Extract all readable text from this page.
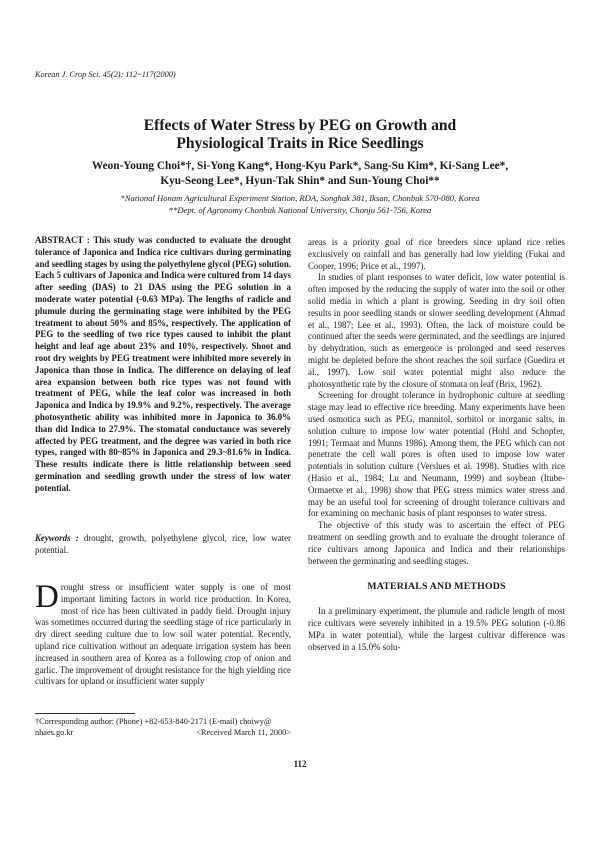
Korean J. Crop Sci. 45(2): 112~117(2000)
Effects of Water Stress by PEG on Growth and
Physiological Traits in Rice Seedlings
Weon-Young Choi*†, Si-Yong Kang*, Hong-Kyu Park*, Sang-Su Kim*, Ki-Sang Lee*,
Kyu-Seong Lee*, Hyun-Tak Shin* and Sun-Young Choi**
*National Honam Agricultural Experiment Station, RDA, Songhak 381, Iksan, Chonbuk 570-080, Korea
**Dept. of Agronomy Chonbuk National University, Chonju 561-756, Korea
ABSTRACT : This study was conducted to evaluate the drought tolerance of Japonica and Indica rice cultivars during germinating and seedling stages by using the polyethylene glycol (PEG) solution. Each 5 cultivars of Japonica and Indica were cultured from 14 days after seeding (DAS) to 21 DAS using the PEG solution in a moderate water potential (-0.63 MPa). The lengths of radicle and plumule during the germinating stage were inhibited by the PEG treatment to about 50% and 85%, respectively. The application of PEG to the seedling of two rice types caused to inhibit the plant height and leaf age about 23% and 10%, respectively. Shoot and root dry weights by PEG treatment were inhibited more severely in Japonica than those in Indica. The difference on delaying of leaf area expansion between both rice types was not found with treatment of PEG, while the leaf color was increased in both Japonica and Indica by 19.9% and 9.2%, respectively. The average photosynthetic ability was inhibited more in Japonica to 36.0% than did Indica to 27.9%. The stomatal conductance was severely affected by PEG treatment, and the degree was varied in both rice types, ranged with 80~85% in Japonica and 29.3~81.6% in Indica. These results indicate there is little relationship between seed germination and seedling growth under the stress of low water potential.
Keywords : drought, growth, polyethylene glycol, rice, low water potential.
D rought stress or insufficient water supply is one of most important limiting factors in world rice production. In Korea, most of rice has been cultivated in paddy field. Drought injury was sometimes occurred during the seedling stage of rice particularly in dry direct seeding culture due to low soil water potential. Recently, upland rice cultivation without an adequate irrigation system has been increased in southern area of Korea as a following crop of onion and garlic. The improvement of drought resistance for the high yielding rice cultivars for upland or insufficient water supply
†Corresponding author: (Phone) +82-653-840-2171 (E-mail) choiwy@ nhaes.go.kr	<Received March 11, 2000>

areas is a priority goal of rice breeders since upland rice relies exclusively on rainfall and has generally had low yielding (Fukai and Cooper, 1996; Price et al., 1997).

In studies of plant responses to water deficit, low water potential is often imposed by the reducing the supply of water into the soil or other solid media in which a plant is growing. Seeding in dry soil often results in poor seedling stands or slower seedling development (Ahmad et al., 1987; Lee et al., 1993). Often, the lack of moisture could be continued after the seeds were germinated, and the seedlings are injured by dehydration, such as emergence is prolonged and seed reserves might be depleted before the shoot reaches the soil surface (Guedira et al., 1997). Low soil water potential might also reduce the photosynthetic rate by the closure of stomata on leaf (Brix, 1962).

Screening for drought tolerance in hydrophonic culture at seedling stage may lead to effective rice breeding. Many experiments have been used osmotica such as PEG, mannitol, sorbitol or inorganic salts, in solution culture to impose low water potential (Hohl and Schopfer, 1991; Termaat and Munns 1986). Among them, the PEG which can not penetrate the cell wall pores is often used to impose low water potentials in solution culture (Verslues et al. 1998). Studies with rice (Hasio et al., 1984; Lu and Neumann, 1999) and soybean (Itube-Ormaetxe et al., 1998) show that PEG stress mimics water stress and may be an useful tool for screening of drought tolerance cultivars and for examining on mechanic basis of plant responses to water stress.

The objective of this study was to ascertain the effect of PEG treatment on seedling growth and to evaluate the drought tolerance of rice cultivars among Japonica and Indica and their relationships between the germinating and seedling stages.

MATERIALS AND METHODS

In a preliminary experiment, the plumule and radicle length of most rice cultivars were severely inhibited in a 19.5% PEG solution (-0.86 MPa in water potential), while the largest cultivar difference was observed in a 15.0% solu-

112
